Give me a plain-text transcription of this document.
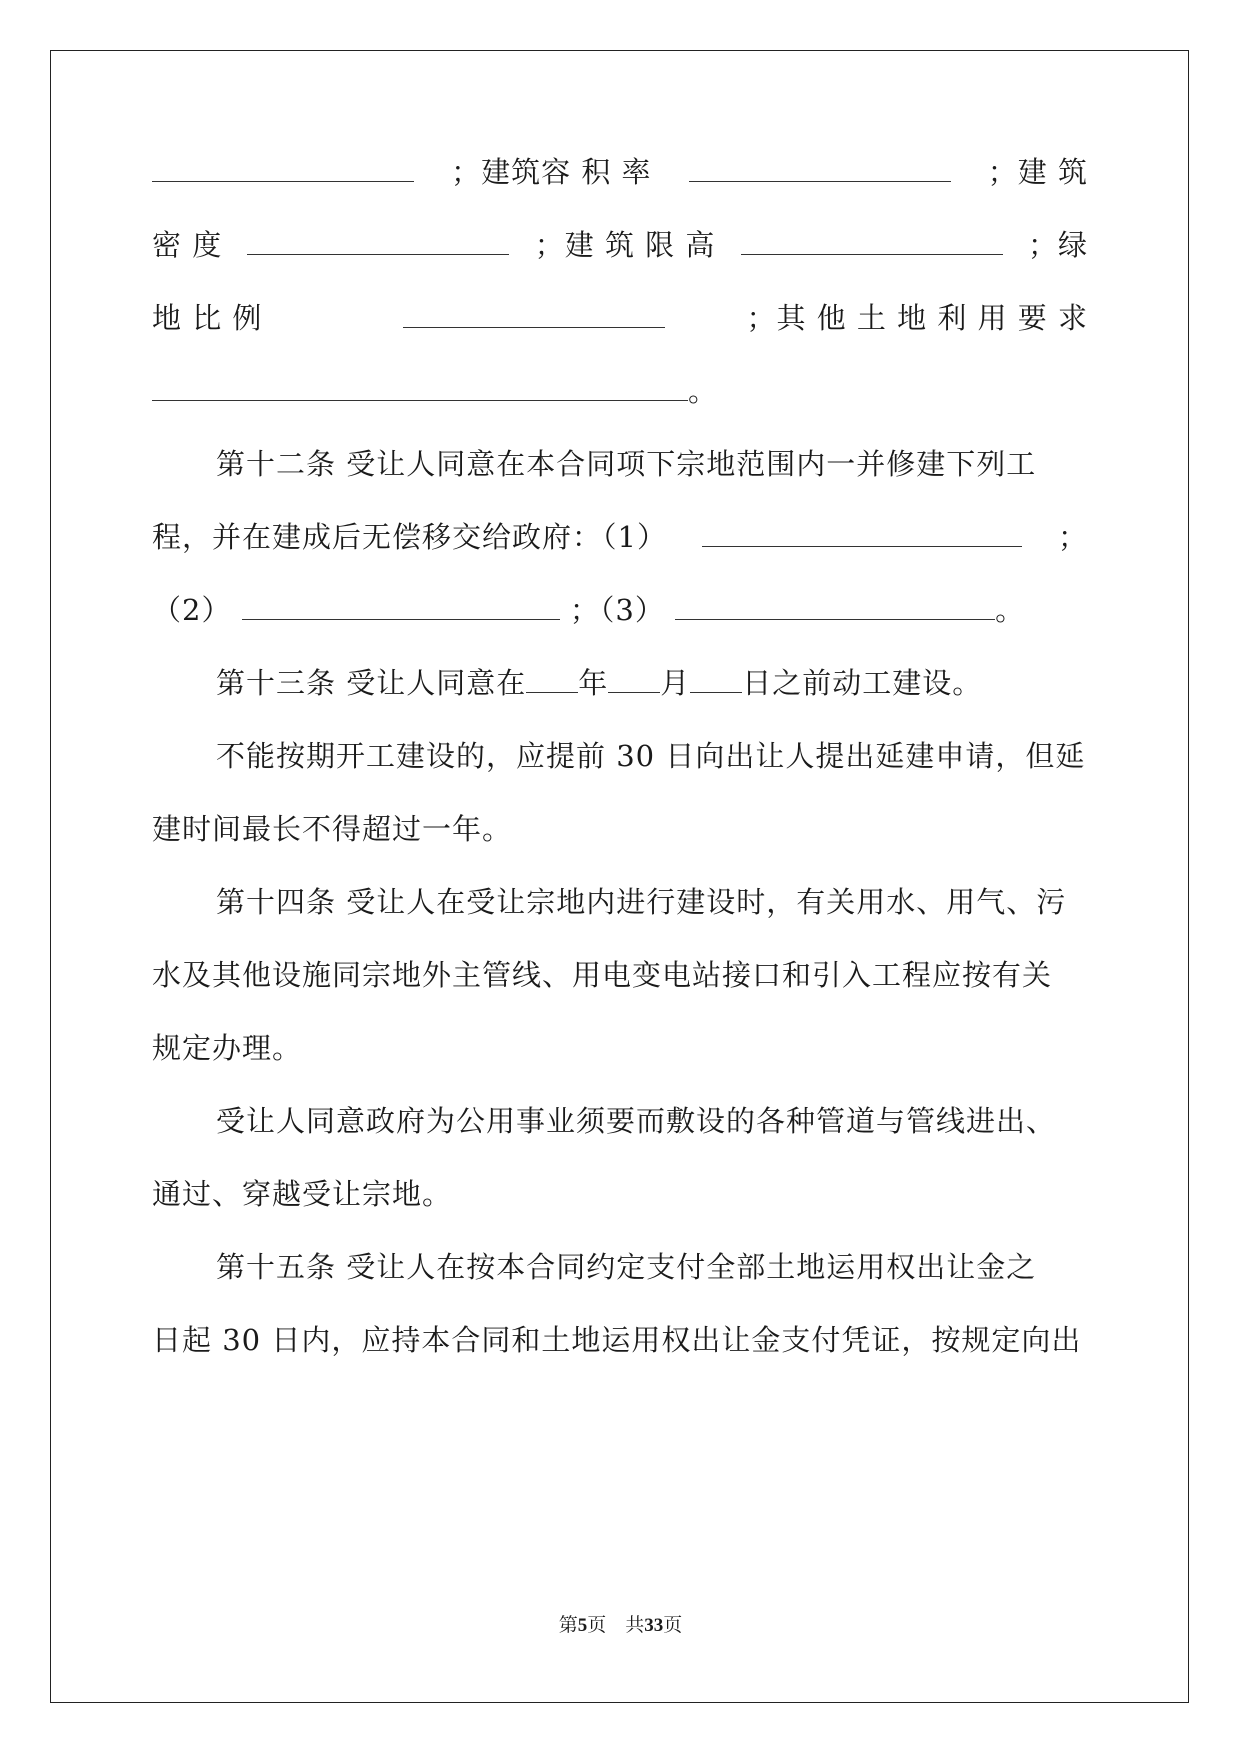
；建筑容 积 率	；建 筑
密 度	；建 筑 限 高	；绿
地 比 例	；其 他 土 地 利 用 要 求
。
第十二条 受让人同意在本合同项下宗地范围内一并修建下列工
程，并在建成后无偿移交给政府：（1）	；
（2）	；（3）	。
第十三条 受让人同意在 年 月 日之前动工建设。
不能按期开工建设的，应提前 30 日向出让人提出延建申请，但延
建时间最长不得超过一年。
第十四条 受让人在受让宗地内进行建设时，有关用水、用气、污
水及其他设施同宗地外主管线、用电变电站接口和引入工程应按有关
规定办理。
受让人同意政府为公用事业须要而敷设的各种管道与管线进出、
通过、穿越受让宗地。
第十五条 受让人在按本合同约定支付全部土地运用权出让金之
日起 30 日内，应持本合同和土地运用权出让金支付凭证，按规定向出
第5页　共33页
